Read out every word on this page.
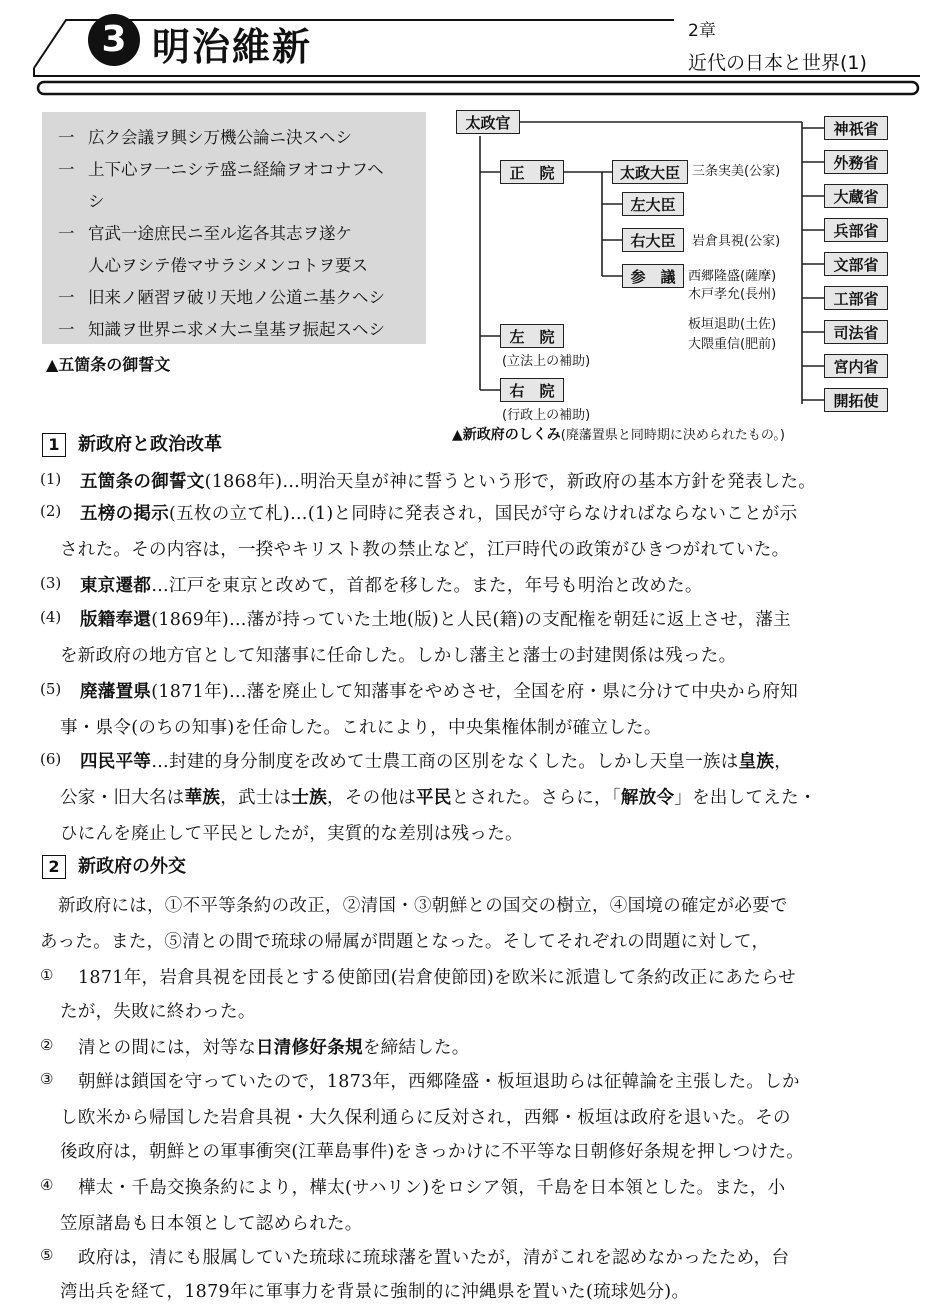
3 明治維新	2章
近代の日本と世界(1)
一 広ク会議ヲ興シ万機公論ニ決スヘシ
一 上下心ヲ一ニシテ盛ニ経綸ヲオコナフヘ
シ
一 官武一途庶民ニ至ル迄各其志ヲ遂ケ
人心ヲシテ倦マサラシメンコトヲ要ス
一 旧来ノ陋習ヲ破リ天地ノ公道ニ基クヘシ
一 知識ヲ世界ニ求メ大ニ皇基ヲ振起スヘシ
▲五箇条の御誓文
太政官
正　院	太政大臣 三条実美(公家)
左大臣
右大臣	岩倉具視(公家)
参　議 西郷隆盛(薩摩)
木戸孝允(長州)
板垣退助(土佐)
大隈重信(肥前)
左　院
(立法上の補助)
右　院
(行政上の補助)
神祇省
外務省
大蔵省
兵部省
文部省
工部省
司法省
宮内省
開拓使
▲新政府のしくみ(廃藩置県と同時期に決められたもの。)
1 新政府と政治改革
(1) 五箇条の御誓文(1868年)…明治天皇が神に誓うという形で，新政府の基本方針を発表した。
(2) 五榜の掲示(五枚の立て札)…(1)と同時に発表され，国民が守らなければならないことが示
された。その内容は，一揆やキリスト教の禁止など，江戸時代の政策がひきつがれていた。
(3) 東京遷都…江戸を東京と改めて，首都を移した。また，年号も明治と改めた。
(4) 版籍奉還(1869年)…藩が持っていた土地(版)と人民(籍)の支配権を朝廷に返上させ，藩主
を新政府の地方官として知藩事に任命した。しかし藩主と藩士の封建関係は残った。
(5) 廃藩置県(1871年)…藩を廃止して知藩事をやめさせ，全国を府・県に分けて中央から府知
事・県令(のちの知事)を任命した。これにより，中央集権体制が確立した。
(6) 四民平等…封建的身分制度を改めて士農工商の区別をなくした。しかし天皇一族は皇族，
公家・旧大名は華族，武士は士族，その他は平民とされた。さらに，「解放令」を出してえた・
ひにんを廃止して平民としたが，実質的な差別は残った。
2 新政府の外交
新政府には，①不平等条約の改正，②清国・③朝鮮との国交の樹立，④国境の確定が必要で
あった。また，⑤清との間で琉球の帰属が問題となった。そしてそれぞれの問題に対して，
① 1871年，岩倉具視を団長とする使節団(岩倉使節団)を欧米に派遣して条約改正にあたらせ
たが，失敗に終わった。
② 清との間には，対等な日清修好条規を締結した。
③ 朝鮮は鎖国を守っていたので，1873年，西郷隆盛・板垣退助らは征韓論を主張した。しか
し欧米から帰国した岩倉具視・大久保利通らに反対され，西郷・板垣は政府を退いた。その
後政府は，朝鮮との軍事衝突(江華島事件)をきっかけに不平等な日朝修好条規を押しつけた。
④ 樺太・千島交換条約により，樺太(サハリン)をロシア領，千島を日本領とした。また，小
笠原諸島も日本領として認められた。
⑤ 政府は，清にも服属していた琉球に琉球藩を置いたが，清がこれを認めなかったため，台
湾出兵を経て，1879年に軍事力を背景に強制的に沖縄県を置いた(琉球処分)。
